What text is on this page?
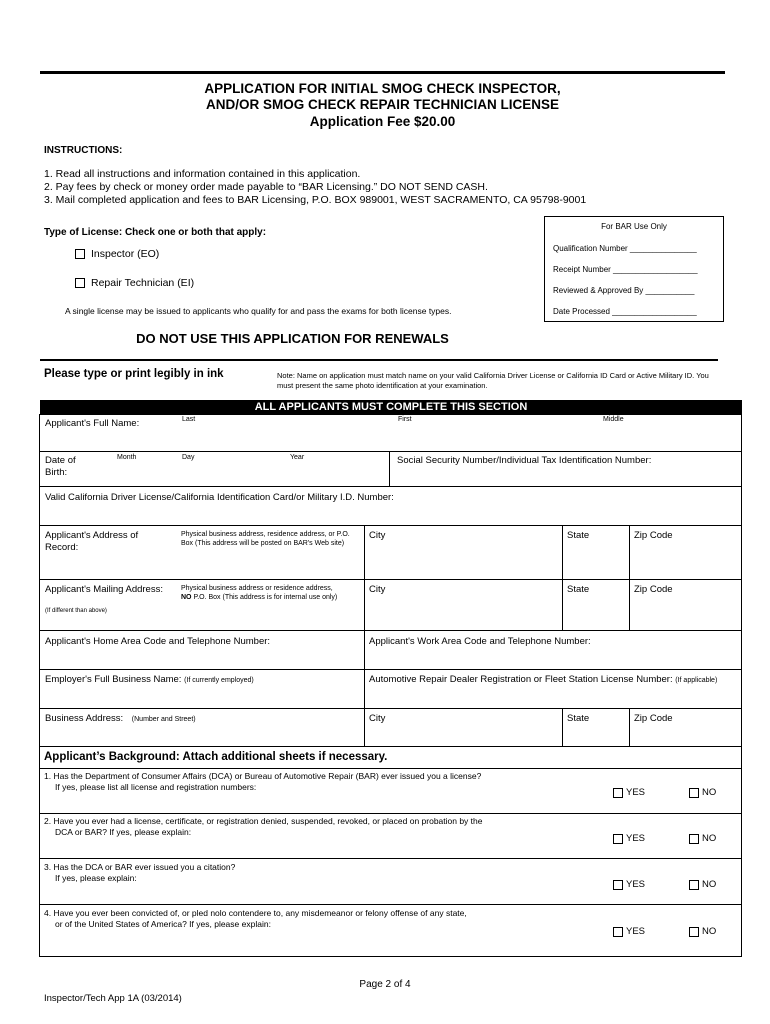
APPLICATION FOR INITIAL SMOG CHECK INSPECTOR,
AND/OR SMOG CHECK REPAIR TECHNICIAN LICENSE
Application Fee $20.00
INSTRUCTIONS:
1. Read all instructions and information contained in this application.
2. Pay fees by check or money order made payable to “BAR Licensing.” DO NOT SEND CASH.
3. Mail completed application and fees to BAR Licensing, P.O. BOX 989001, WEST SACRAMENTO, CA 95798-9001
For BAR Use Only
Qualification Number _______________
Receipt Number ___________________
Reviewed & Approved By ___________
Date Processed ___________________
Type of License: Check one or both that apply:
Inspector (EO)
Repair Technician (EI)
A single license may be issued to applicants who qualify for and pass the exams for both license types.
DO NOT USE THIS APPLICATION FOR RENEWALS
Please type or print legibly in ink	Note: Name on application must match name on your valid California Driver License or California ID Card or Active Military ID. You must present the same photo identification at your examination.
ALL APPLICANTS MUST COMPLETE THIS SECTION
Applicant's Full Name:	Last	First	Middle
Date of Birth:
Month	Day	Year	Social Security Number/Individual Tax Identification Number:
Valid California Driver License/California Identification Card/or Military I.D. Number:
Applicant's Address of Record:
Physical business address, residence address, or P.O. Box (This address will be posted on BAR's Web site)
City	State	Zip Code
Applicant's Mailing Address:
(If different than above)
Physical business address or residence address,
NO P.O. Box (This address is for internal use only)
City	State	Zip Code
Applicant's Home Area Code and Telephone Number:	Applicant's Work Area Code and Telephone Number:
Employer's Full Business Name: (If currently employed)	Automotive Repair Dealer Registration or Fleet Station License Number: (If applicable)
Business Address: (Number and Street)	City	State	Zip Code
Applicant’s Background: Attach additional sheets if necessary.
1. Has the Department of Consumer Affairs (DCA) or Bureau of Automotive Repair (BAR) ever issued you a license?
If yes, please list all license and registration numbers:	YES	NO
2. Have you ever had a license, certificate, or registration denied, suspended, revoked, or placed on probation by the
DCA or BAR? If yes, please explain:
YES	NO
3. Has the DCA or BAR ever issued you a citation?
If yes, please explain:
YES	NO
4. Have you ever been convicted of, or pled nolo contendere to, any misdemeanor or felony offense of any state,
or of the United States of America? If yes, please explain:
YES	NO
Page 2 of 4
Inspector/Tech App 1A (03/2014)
